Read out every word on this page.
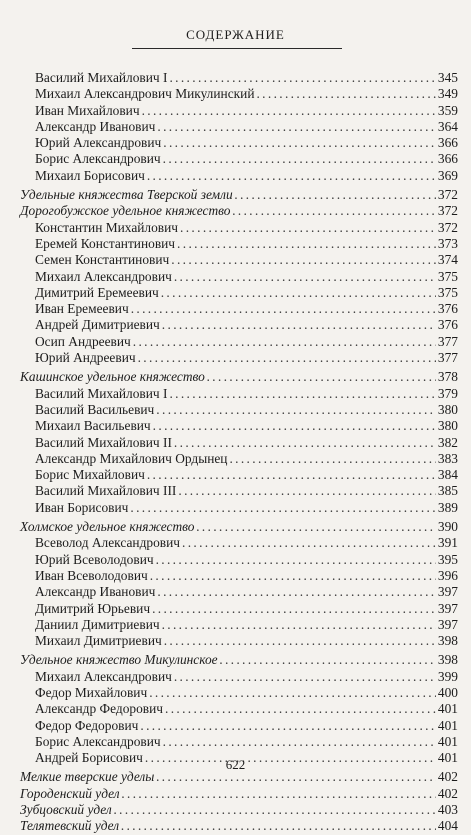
СОДЕРЖАНИЕ
Василий Михайлович I . . .	345
Михаил Александрович Микулинский . . .	349
Иван Михайлович . . .	359
Александр Иванович . . .	364
Юрий Александрович . . .	366
Борис Александрович . . .	366
Михаил Борисович . . .	369
Удельные княжества Тверской земли . . .	372
Дорогобужское удельное княжество . . .	372
Константин Михайлович . . .	372
Еремей Константинович . . .	373
Семен Константинович . . .	374
Михаил Александрович . . .	375
Димитрий Еремеевич . . .	375
Иван Еремеевич . . .	376
Андрей Димитриевич . . .	376
Осип Андреевич . . .	377
Юрий Андреевич . . .	377
Кашинское удельное княжество . . .	378
Василий Михайлович I . . .	379
Василий Васильевич . . .	380
Михаил Васильевич . . .	380
Василий Михайлович II . . .	382
Александр Михайлович Ордынец . . .	383
Борис Михайлович . . .	384
Василий Михайлович III . . .	385
Иван Борисович . . .	389
Холмское удельное княжество . . .	390
Всеволод Александрович . . .	391
Юрий Всеволодович . . .	395
Иван Всеволодович . . .	396
Александр Иванович . . .	397
Димитрий Юрьевич . . .	397
Даниил Димитриевич . . .	397
Михаил Димитриевич . . .	398
Удельное княжество Микулинское . . .	398
Михаил Александрович . . .	399
Федор Михайлович . . .	400
Александр Федорович . . .	401
Федор Федорович . . .	401
Борис Александрович . . .	401
Андрей Борисович . . .	401
Мелкие тверские уделы . . .	402
Городенский удел . . .	402
Зубцовский удел . . .	403
Телятевский удел . . .	404
622
